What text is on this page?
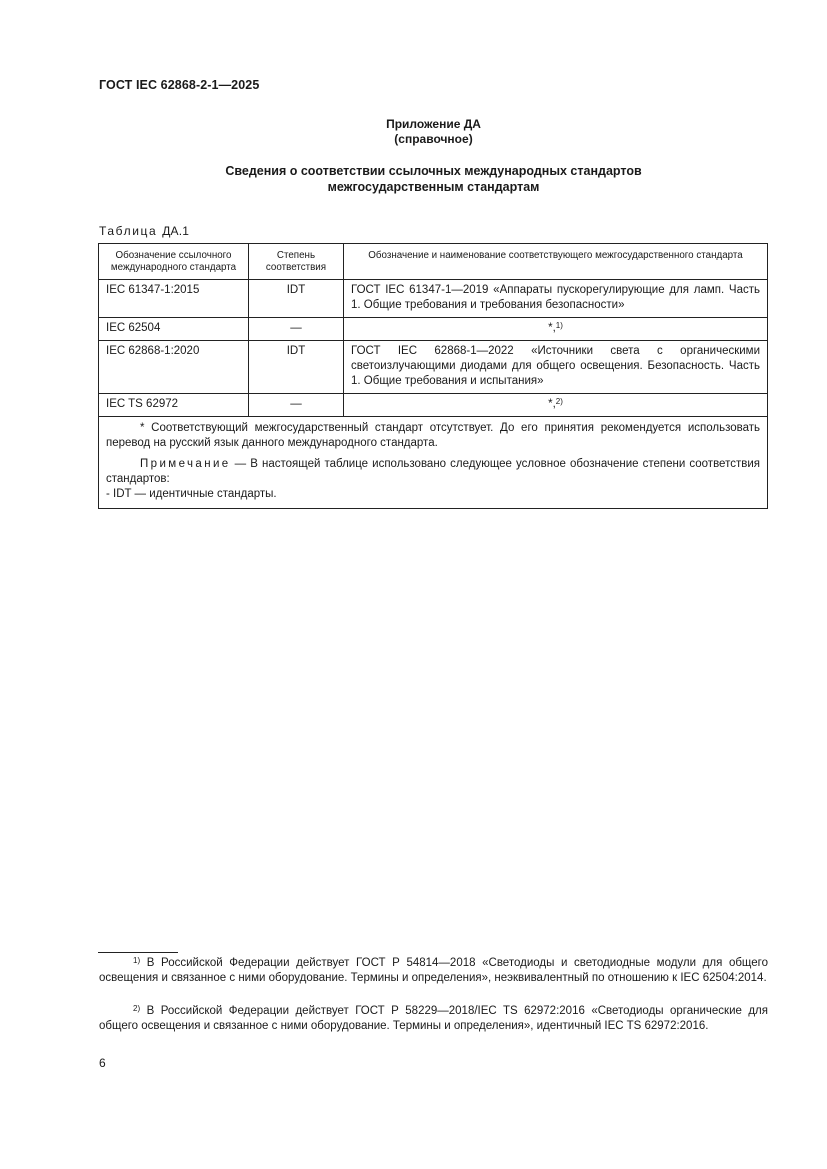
ГОСТ IEC 62868-2-1—2025
Приложение ДА
(справочное)
Сведения о соответствии ссылочных международных стандартов
межгосударственным стандартам
Таблица ДА.1
Обозначение ссылочного международного стандарта	Степень соответствия	Обозначение и наименование соответствующего межгосударственного стандарта
IEC 61347-1:2015	IDT	ГОСТ IEC 61347-1—2019 «Аппараты пускорегулирующие для ламп. Часть 1. Общие требования и требования безопасности»
IEC 62504	—	*,$^{1)}$
IEC 62868-1:2020	IDT	ГОСТ IEC 62868-1—2022 «Источники света с органическими светоизлучающими диодами для общего освещения. Безопасность. Часть 1. Общие требования и испытания»
IEC TS 62972	—	*,$^{2)}$

* Соответствующий межгосударственный стандарт отсутствует. До его принятия рекомендуется использовать перевод на русский язык данного международного стандарта.

Примечание — В настоящей таблице использовано следующее условное обозначение степени соответствия стандартов:

- IDT — идентичные стандарты.		

$^{1)}$ В Российской Федерации действует ГОСТ Р 54814—2018 «Светодиоды и светодиодные модули для общего освещения и связанное с ними оборудование. Термины и определения», неэквивалентный по отношению к IEC 62504:2014.

$^{2)}$ В Российской Федерации действует ГОСТ Р 58229—2018/IEC TS 62972:2016 «Светодиоды органические для общего освещения и связанное с ними оборудование. Термины и определения», идентичный IEC TS 62972:2016.

6
